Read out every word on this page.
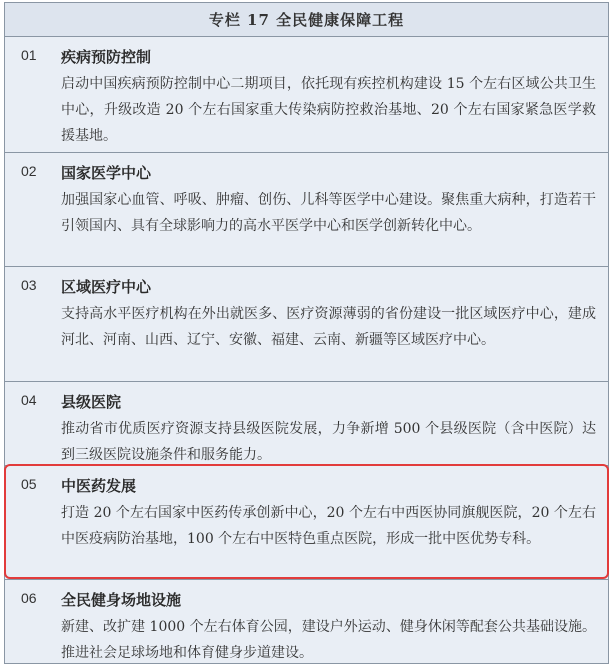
专栏 17 全民健康保障工程
01 疾病预防控制
启动中国疾病预防控制中心二期项目，依托现有疾控机构建设 15 个左右区域公共卫生中心，升级改造 20 个左右国家重大传染病防控救治基地、20 个左右国家紧急医学救援基地。
02 国家医学中心
加强国家心血管、呼吸、肿瘤、创伤、儿科等医学中心建设。聚焦重大病种，打造若干引领国内、具有全球影响力的高水平医学中心和医学创新转化中心。
03 区域医疗中心
支持高水平医疗机构在外出就医多、医疗资源薄弱的省份建设一批区域医疗中心，建成河北、河南、山西、辽宁、安徽、福建、云南、新疆等区域医疗中心。
04 县级医院
推动省市优质医疗资源支持县级医院发展，力争新增 500 个县级医院（含中医院）达到三级医院设施条件和服务能力。
05 中医药发展
打造 20 个左右国家中医药传承创新中心，20 个左右中西医协同旗舰医院，20 个左右中医疫病防治基地，100 个左右中医特色重点医院，形成一批中医优势专科。
06 全民健身场地设施
新建、改扩建 1000 个左右体育公园，建设户外运动、健身休闲等配套公共基础设施。推进社会足球场地和体育健身步道建设。
